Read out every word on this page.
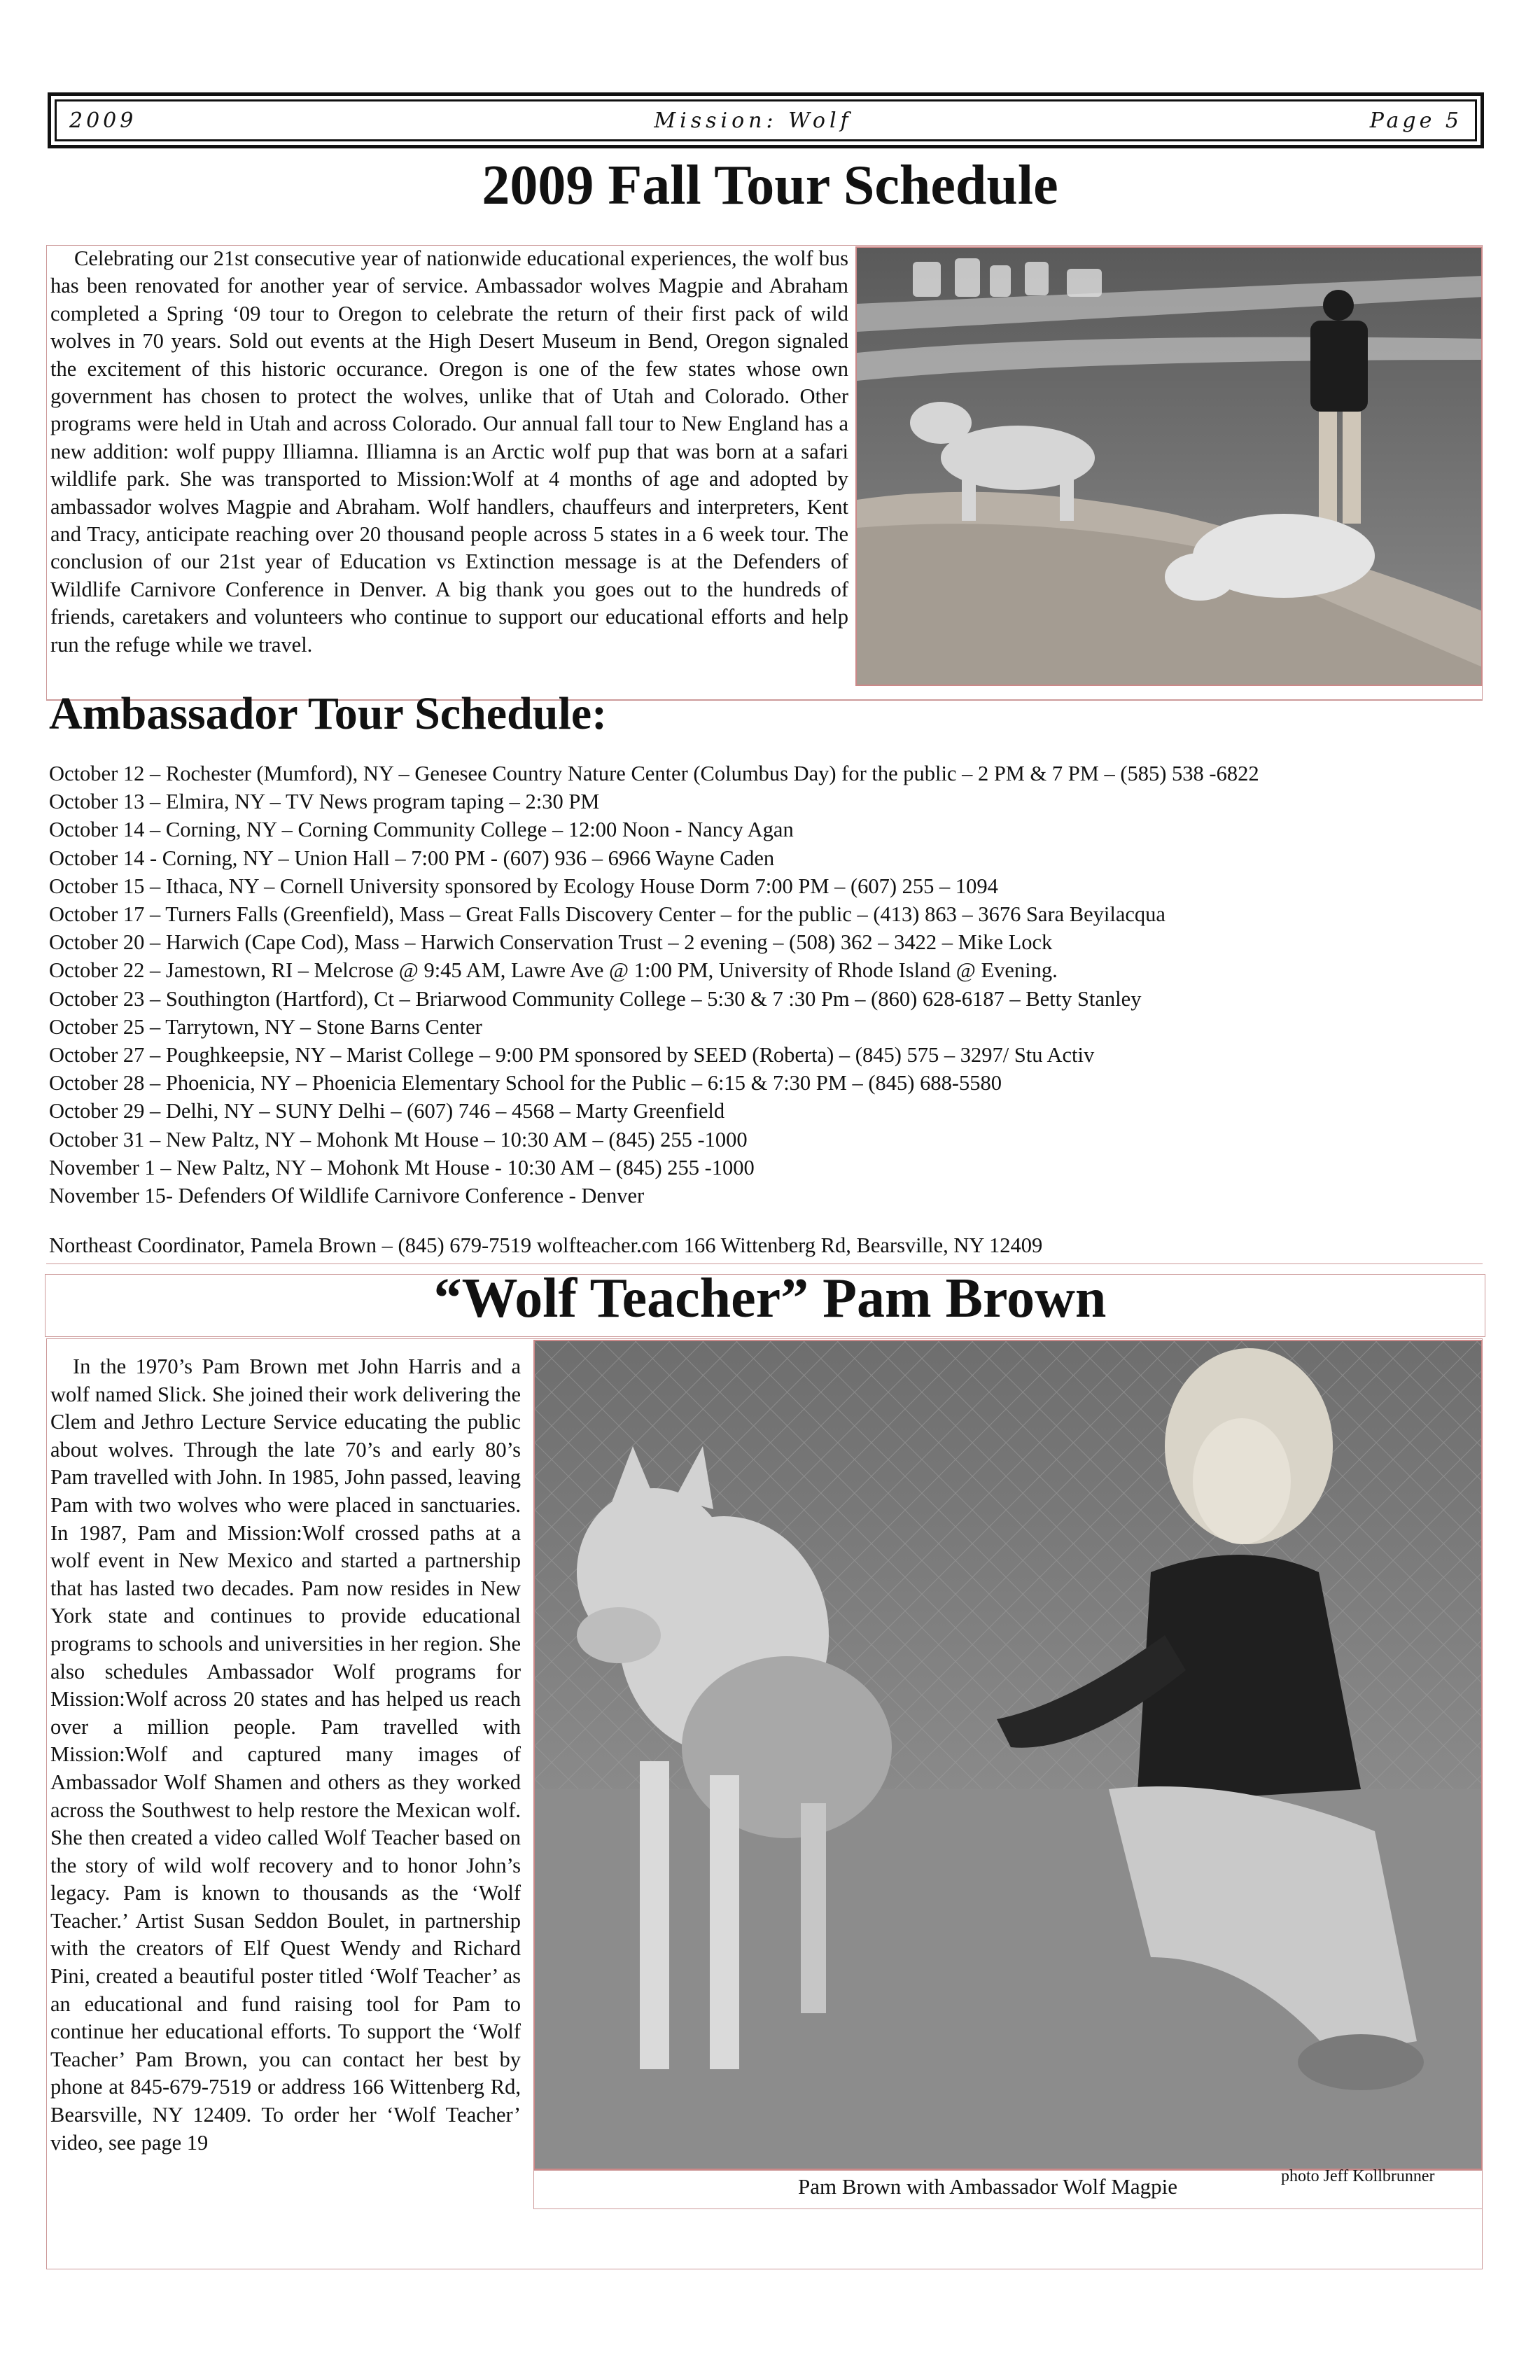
2009	Mission: Wolf	Page 5
2009 Fall Tour Schedule
Celebrating our 21st consecutive year of nationwide educational experiences, the wolf bus has been renovated for another year of service. Ambassador wolves Magpie and Abraham completed a Spring ‘09 tour to Oregon to celebrate the return of their first pack of wild wolves in 70 years. Sold out events at the High Desert Museum in Bend, Oregon signaled the excitement of this historic occurance. Oregon is one of the few states whose own government has chosen to protect the wolves, unlike that of Utah and Colorado. Other programs were held in Utah and across Colorado. Our annual fall tour to New England has a new addition: wolf puppy Illiamna. Illiamna is an Arctic wolf pup that was born at a safari wildlife park. She was transported to Mission:Wolf at 4 months of age and adopted by ambassador wolves Magpie and Abraham. Wolf handlers, chauffeurs and interpreters, Kent and Tracy, anticipate reaching over 20 thousand people across 5 states in a 6 week tour. The conclusion of our 21st year of Education vs Extinction message is at the Defenders of Wildlife Carnivore Conference in Denver. A big thank you goes out to the hundreds of friends, caretakers and volunteers who continue to support our educational efforts and help run the refuge while we travel.
Ambassador Tour Schedule:
October 12 – Rochester (Mumford), NY – Genesee Country Nature Center (Columbus Day) for the public – 2 PM & 7 PM – (585) 538 -6822
October 13 – Elmira, NY – TV News program taping – 2:30 PM
October 14 – Corning, NY – Corning Community College – 12:00 Noon - Nancy Agan
October 14 - Corning, NY – Union Hall – 7:00 PM - (607) 936 – 6966 Wayne Caden
October 15 – Ithaca, NY – Cornell University sponsored by Ecology House Dorm 7:00 PM – (607) 255 – 1094
October 17 – Turners Falls (Greenfield), Mass – Great Falls Discovery Center – for the public – (413) 863 – 3676 Sara Beyilacqua
October 20 – Harwich (Cape Cod), Mass – Harwich Conservation Trust – 2 evening – (508) 362 – 3422 – Mike Lock
October 22 – Jamestown, RI – Melcrose @ 9:45 AM, Lawre Ave @ 1:00 PM, University of Rhode Island @ Evening.
October 23 – Southington (Hartford), Ct – Briarwood Community College – 5:30 & 7 :30 Pm – (860) 628-6187 – Betty Stanley
October 25 – Tarrytown, NY – Stone Barns Center
October 27 – Poughkeepsie, NY – Marist College – 9:00 PM sponsored by SEED (Roberta) – (845) 575 – 3297/ Stu Activ
October 28 – Phoenicia, NY – Phoenicia Elementary School for the Public – 6:15 & 7:30 PM – (845) 688-5580
October 29 – Delhi, NY – SUNY Delhi – (607) 746 – 4568 – Marty Greenfield
October 31 – New Paltz, NY – Mohonk Mt House – 10:30 AM – (845) 255 -1000
November 1 – New Paltz, NY – Mohonk Mt House - 10:30 AM – (845) 255 -1000
November 15- Defenders Of Wildlife Carnivore Conference - Denver
Northeast Coordinator, Pamela Brown – (845) 679-7519 wolfteacher.com 166 Wittenberg Rd, Bearsville, NY 12409
“Wolf Teacher” Pam Brown
In the 1970’s Pam Brown met John Harris and a wolf named Slick. She joined their work delivering the Clem and Jethro Lecture Service educating the public about wolves. Through the late 70’s and early 80’s Pam travelled with John. In 1985, John passed, leaving Pam with two wolves who were placed in sanctuaries. In 1987, Pam and Mission:Wolf crossed paths at a wolf event in New Mexico and started a partnership that has lasted two decades. Pam now resides in New York state and continues to provide educational programs to schools and universities in her region. She also schedules Ambassador Wolf programs for Mission:Wolf across 20 states and has helped us reach over a million people. Pam travelled with Mission:Wolf and captured many images of Ambassador Wolf Shamen and others as they worked across the Southwest to help restore the Mexican wolf. She then created a video called Wolf Teacher based on the story of wild wolf recovery and to honor John’s legacy. Pam is known to thousands as the ‘Wolf Teacher.’ Artist Susan Seddon Boulet, in partnership with the creators of Elf Quest Wendy and Richard Pini, created a beautiful poster titled ‘Wolf Teacher’ as an educational and fund raising tool for Pam to continue her educational efforts. To support the ‘Wolf Teacher’ Pam Brown, you can contact her best by phone at 845-679-7519 or address 166 Wittenberg Rd, Bearsville, NY 12409. To order her ‘Wolf Teacher’ video, see page 19
Pam Brown with Ambassador Wolf Magpie	photo Jeff Kollbrunner
